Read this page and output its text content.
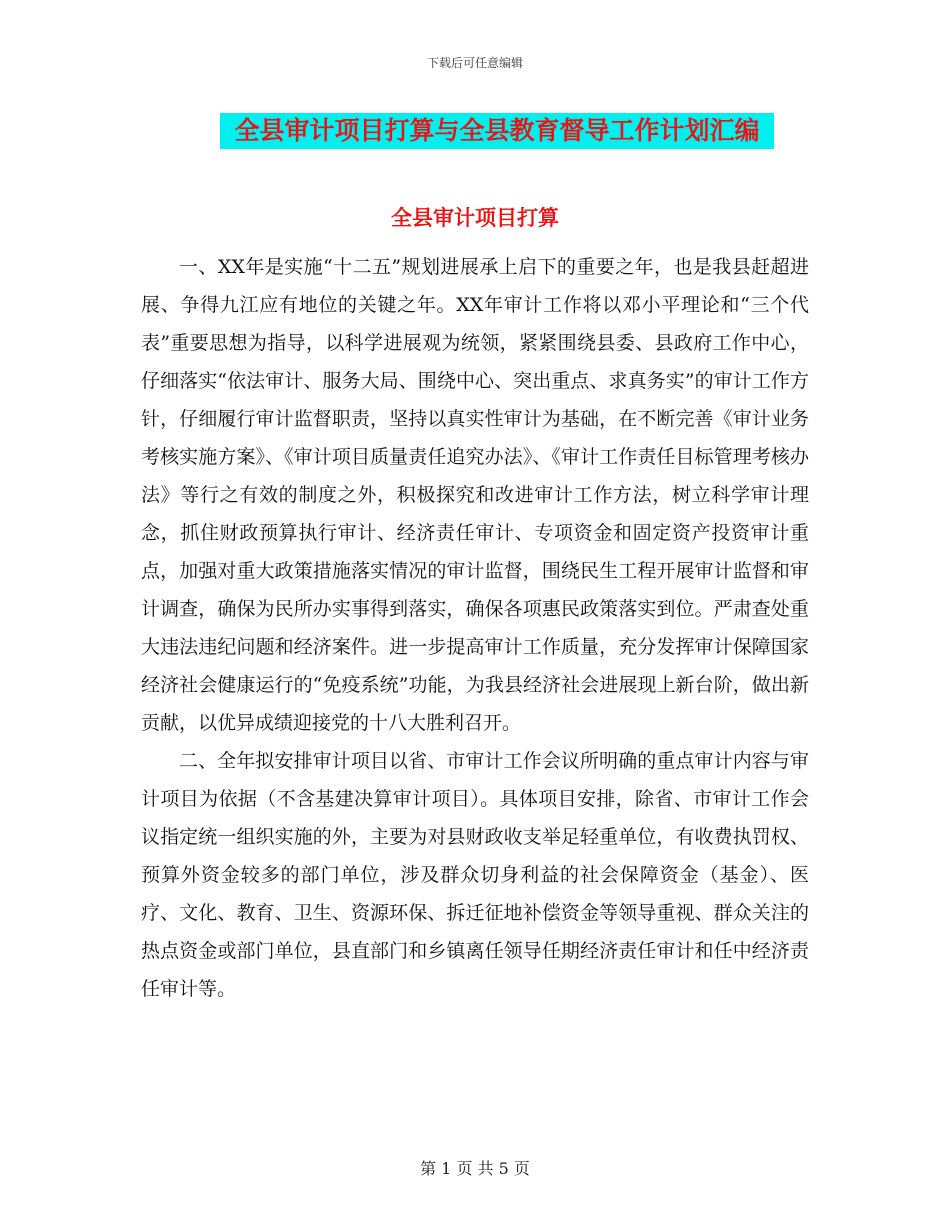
下载后可任意编辑
全县审计项目打算与全县教育督导工作计划汇编
全县审计项目打算

一、XX年是实施“十二五”规划进展承上启下的重要之年，也是我县赶超进展、争得九江应有地位的关键之年。XX年审计工作将以邓小平理论和“三个代表”重要思想为指导，以科学进展观为统领，紧紧围绕县委、县政府工作中心，仔细落实“依法审计、服务大局、围绕中心、突出重点、求真务实”的审计工作方针，仔细履行审计监督职责，坚持以真实性审计为基础，在不断完善《审计业务考核实施方案》、《审计项目质量责任追究办法》、《审计工作责任目标管理考核办法》等行之有效的制度之外，积极探究和改进审计工作方法，树立科学审计理念，抓住财政预算执行审计、经济责任审计、专项资金和固定资产投资审计重点，加强对重大政策措施落实情况的审计监督，围绕民生工程开展审计监督和审计调查，确保为民所办实事得到落实，确保各项惠民政策落实到位。严肃查处重大违法违纪问题和经济案件。进一步提高审计工作质量，充分发挥审计保障国家经济社会健康运行的“免疫系统”功能，为我县经济社会进展现上新台阶，做出新贡献，以优异成绩迎接党的十八大胜利召开。

二、全年拟安排审计项目以省、市审计工作会议所明确的重点审计内容与审计项目为依据（不含基建决算审计项目）。具体项目安排，除省、市审计工作会议指定统一组织实施的外，主要为对县财政收支举足轻重单位，有收费执罚权、预算外资金较多的部门单位，涉及群众切身利益的社会保障资金（基金）、医疗、文化、教育、卫生、资源环保、拆迁征地补偿资金等领导重视、群众关注的热点资金或部门单位，县直部门和乡镇离任领导任期经济责任审计和任中经济责任审计等。

第 1 页 共 5 页
